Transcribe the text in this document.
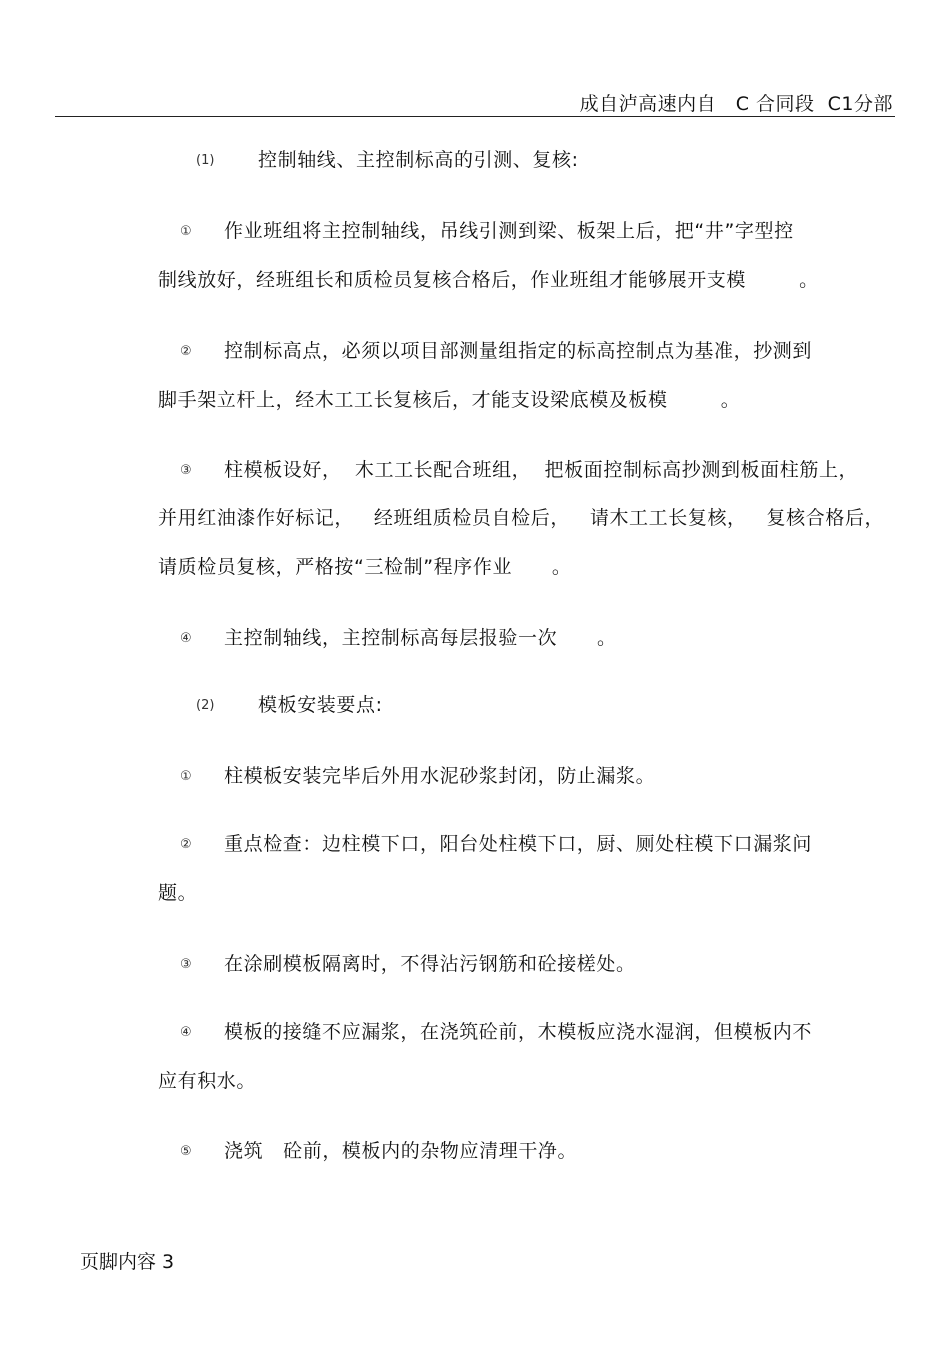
成自泸高速内自   C 合同段  C1分部
(1) 控制轴线、主控制标高的引测、复核:
① 作业班组将主控制轴线，吊线引测到梁、板架上后，把“井”字型控
制线放好，经班组长和质检员复核合格后，作业班组才能够展开支模        。
② 控制标高点，必须以项目部测量组指定的标高控制点为基准，抄测到
脚手架立杆上，经木工工长复核后，才能支设梁底模及板模        。
③ 柱模板设好，  木工工长配合班组，  把板面控制标高抄测到板面柱筋上，
并用红油漆作好标记，   经班组质检员自检后，   请木工工长复核，   复核合格后，
请质检员复核，严格按“三检制”程序作业      。
④ 主控制轴线，主控制标高每层报验一次      。
(2) 模板安装要点:
① 柱模板安装完毕后外用水泥砂浆封闭，防止漏浆。
② 重点检查：边柱模下口，阳台处柱模下口，厨、厕处柱模下口漏浆问
题。
③ 在涂刷模板隔离时，不得沾污钢筋和砼接槎处。
④ 模板的接缝不应漏浆，在浇筑砼前，木模板应浇水湿润，但模板内不
应有积水。
⑤ 浇筑   砼前，模板内的杂物应清理干净。
页脚内容 3
